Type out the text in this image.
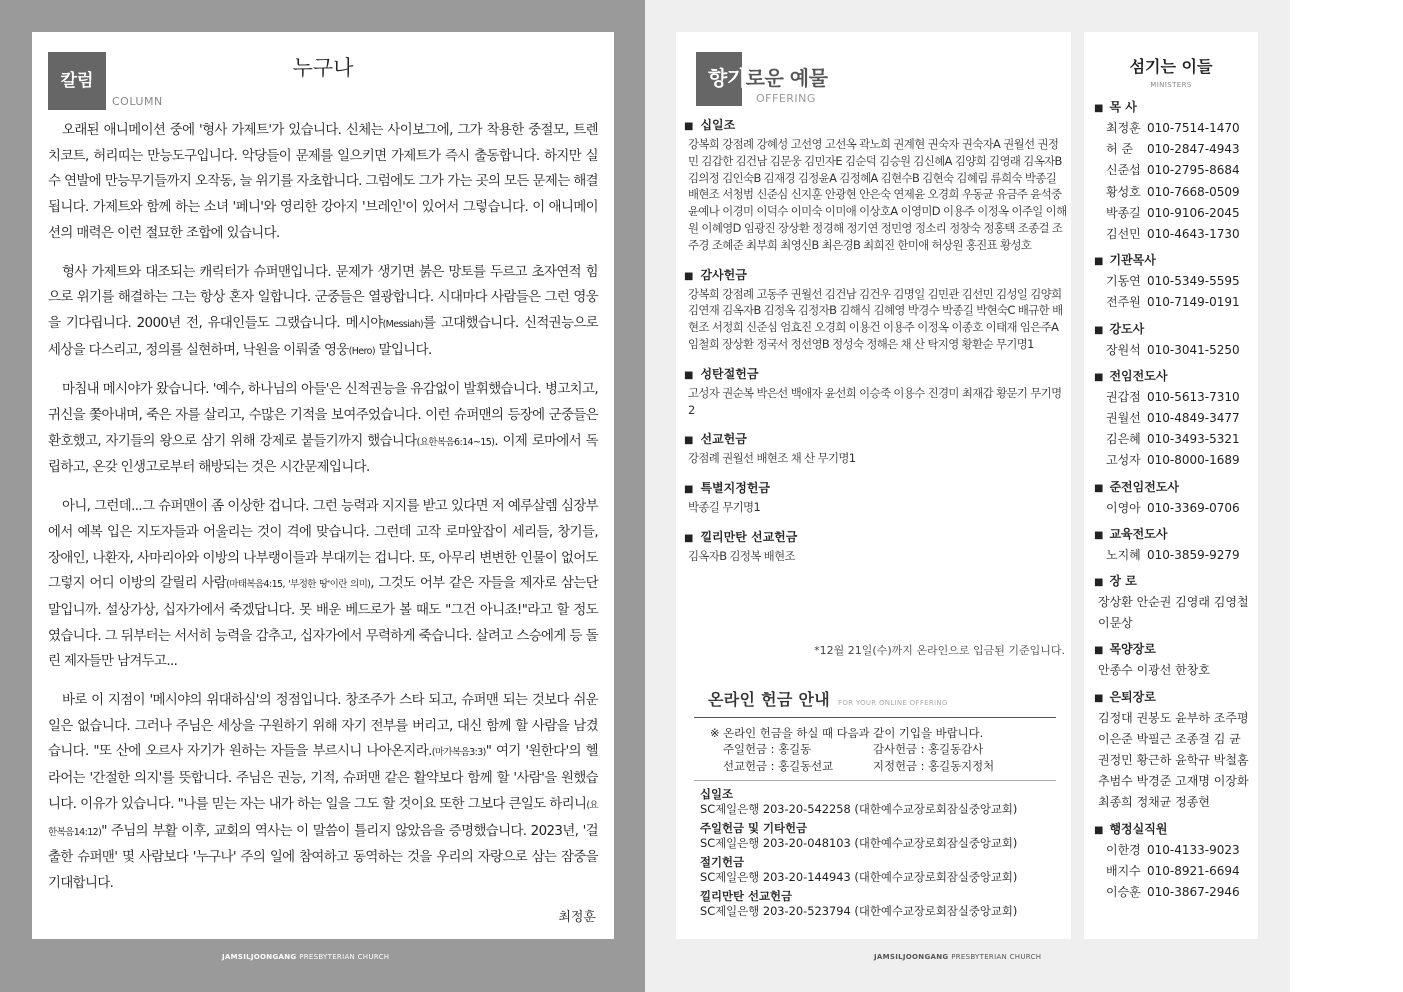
칼럼
COLUMN
누구나

오래된 애니메이션 중에 '형사 가제트'가 있습니다. 신체는 사이보그에, 그가 착용한 중절모, 트렌치코트, 허리띠는 만능도구입니다. 악당들이 문제를 일으키면 가제트가 즉시 출동합니다. 하지만 실수 연발에 만능무기들까지 오작동, 늘 위기를 자초합니다. 그럼에도 그가 가는 곳의 모든 문제는 해결됩니다. 가제트와 함께 하는 소녀 '페니'와 영리한 강아지 '브레인'이 있어서 그렇습니다. 이 애니메이션의 매력은 이런 절묘한 조합에 있습니다.

형사 가제트와 대조되는 캐릭터가 슈퍼맨입니다. 문제가 생기면 붉은 망토를 두르고 초자연적 힘으로 위기를 해결하는 그는 항상 혼자 일합니다. 군중들은 열광합니다. 시대마다 사람들은 그런 영웅을 기다립니다. 2000년 전, 유대인들도 그랬습니다. 메시야(Messiah)를 고대했습니다. 신적권능으로 세상을 다스리고, 정의를 실현하며, 낙원을 이뤄줄 영웅(Hero) 말입니다.

마침내 메시야가 왔습니다. '예수, 하나님의 아들'은 신적권능을 유감없이 발휘했습니다. 병고치고, 귀신을 쫓아내며, 죽은 자를 살리고, 수많은 기적을 보여주었습니다. 이런 슈퍼맨의 등장에 군중들은 환호했고, 자기들의 왕으로 삼기 위해 강제로 붙들기까지 했습니다(요한복음6:14~15). 이제 로마에서 독립하고, 온갖 인생고로부터 해방되는 것은 시간문제입니다.

아니, 그런데...그 슈퍼맨이 좀 이상한 겁니다. 그런 능력과 지지를 받고 있다면 저 예루살렘 심장부에서 예복 입은 지도자들과 어울리는 것이 격에 맞습니다. 그런데 고작 로마앞잡이 세리들, 창기들, 장애인, 나환자, 사마리아와 이방의 나부랭이들과 부대끼는 겁니다. 또, 아무리 변변한 인물이 없어도 그렇지 어디 이방의 갈릴리 사람(마태복음4:15, '부정한 땅'이란 의미), 그것도 어부 같은 자들을 제자로 삼는단 말입니까. 설상가상, 십자가에서 죽겠답니다. 못 배운 베드로가 볼 때도 "그건 아니죠!"라고 할 정도였습니다. 그 뒤부터는 서서히 능력을 감추고, 십자가에서 무력하게 죽습니다. 살려고 스승에게 등 돌린 제자들만 남겨두고...

바로 이 지점이 '메시야의 위대하심'의 정점입니다. 창조주가 스타 되고, 슈퍼맨 되는 것보다 쉬운 일은 없습니다. 그러나 주님은 세상을 구원하기 위해 자기 전부를 버리고, 대신 함께 할 사람을 남겼습니다. "또 산에 오르사 자기가 원하는 자들을 부르시니 나아온지라.(마가복음3:3)" 여기 '원한다'의 헬라어는 '간절한 의지'를 뜻합니다. 주님은 권능, 기적, 슈퍼맨 같은 활약보다 함께 할 '사람'을 원했습니다. 이유가 있습니다. "나를 믿는 자는 내가 하는 일을 그도 할 것이요 또한 그보다 큰일도 하리니(요한복음14:12)" 주님의 부활 이후, 교회의 역사는 이 말씀이 틀리지 않았음을 증명했습니다. 2023년, '걸출한 슈퍼맨' 몇 사람보다 '누구나' 주의 일에 참여하고 동역하는 것을 우리의 자랑으로 삼는 잠중을 기대합니다.

최정훈
JAMSILJOONGANG PRESBYTERIAN CHURCH
향기로운 예물
OFFERING
■ 십일조
강복희 강점례 강혜성 고선영 고선옥 곽노희 권계현 권숙자 권숙자A 권월선 권정민 김갑한 김건남 김문웅 김민자E 김순덕 김승원 김신혜A 김양희 김영래 김옥자B 김의정 김인숙B 김재경 김정윤A 김정혜A 김현수B 김현숙 김혜림 류희숙 박종길 배현조 서청범 신준심 신지훈 안광현 안은숙 연제윤 오경희 우동균 유금주 윤석중 윤예나 이경미 이덕수 이미숙 이미애 이상호A 이영미D 이용주 이정옥 이주일 이해원 이혜영D 임광진 장상환 정경해 정기연 정민영 정소리 정창숙 정홍택 조종걸 조주경 조혜준 최부희 최영신B 최은경B 최희진 한미애 허상원 홍진표 황성호
■ 감사헌금
강복희 강점례 고동주 권월선 김건남 김건우 김명일 김민관 김선민 김성일 김양희 김연재 김옥자B 김정옥 김정자B 김해식 김혜영 박경수 박종길 박현숙C 배규한 배현조 서정희 신준심 엄효진 오경희 이용건 이용주 이정옥 이종호 이태재 임은주A 임철희 장상환 정국서 정선영B 정성숙 정해은 채 산 탁지영 황환순 무기명1
■ 성탄절헌금
고성자 권순복 박은선 백애자 윤선희 이승죽 이용수 진경미 최재갑 황문기 무기명2
■ 선교헌금
강점례 권월선 배현조 채 산 무기명1
■ 특별지정헌금
박종길 무기명1
■ 낄리만탄 선교헌금
김옥자B 김정복 배현조
*12월 21일(수)까지 온라인으로 입금된 기준입니다.
온라인 헌금 안내 FOR YOUR ONLINE OFFERING
※ 온라인 헌금을 하실 때 다음과 같이 기입을 바랍니다.
주일헌금 : 홍길동	감사헌금 : 홍길동감사
선교헌금 : 홍길동선교	지정헌금 : 홍길동지정처
십일조
SC제일은행 203-20-542258 (대한예수교장로회잠실중앙교회)
주일헌금 및 기타헌금
SC제일은행 203-20-048103 (대한예수교장로회잠실중앙교회)
절기헌금
SC제일은행 203-20-144943 (대한예수교장로회잠실중앙교회)
낄리만탄 선교헌금
SC제일은행 203-20-523794 (대한예수교장로회잠실중앙교회)
JAMSILJOONGANG PRESBYTERIAN CHURCH
섬기는 이들
MINISTERS
■ 목 사
최정훈 010-7514-1470
허 준 010-2847-4943
신준섭 010-2795-8684
황성호 010-7668-0509
박종길 010-9106-2045
김선민 010-4643-1730
■ 기관목사
기동연 010-5349-5595
전주원 010-7149-0191
■ 강도사
장원석 010-3041-5250
■ 전임전도사
권갑점 010-5613-7310
권월선 010-4849-3477
김은혜 010-3493-5321
고성자 010-8000-1689
■ 준전임전도사
이영아 010-3369-0706
■ 교육전도사
노지혜 010-3859-9279
■ 장 로
장상환 안순권 김영래 김영철 이문상
■ 목양장로
안종수 이광선 한창호
■ 은퇴장로
김정대 권봉도 윤부하 조주평 이은준 박필근 조종걸 김 균 권정민 황근하 윤학규 박철홈 추범수 박경준 고재명 이장화 최종희 정채균 정종현
■ 행정실직원
이한경 010-4133-9023
배지수 010-8921-6694
이승훈 010-3867-2946
